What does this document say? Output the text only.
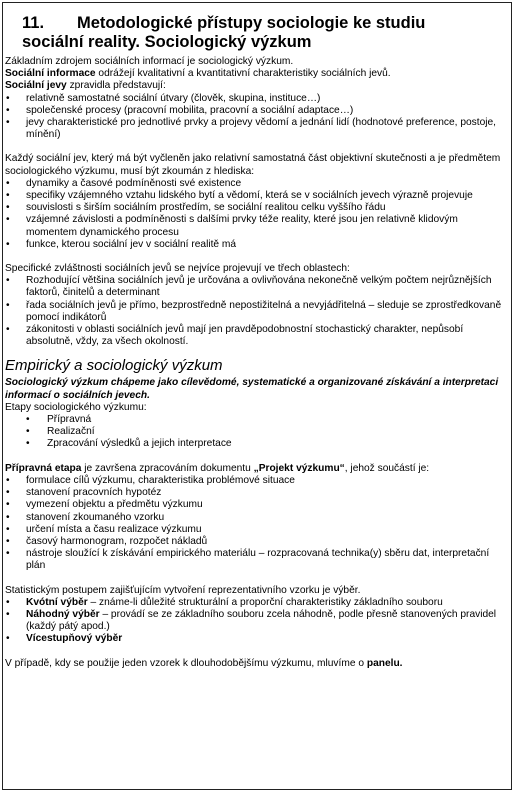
11. Metodologické přístupy sociologie ke studiu
sociální reality. Sociologický výzkum

Základním zdrojem sociálních informací je sociologický výzkum.

Sociální informace odrážejí kvalitativní a kvantitativní charakteristiky sociálních jevů.

Sociální jevy zpravidla představují:

• relativně samostatné sociální útvary (člověk, skupina, instituce…)
• společenské procesy (pracovní mobilita, pracovní a sociální adaptace…)
• jevy charakteristické pro jednotlivé prvky a projevy vědomí a jednání lidí (hodnotové preference, postoje, mínění)

Každý sociální jev, který má být vyčleněn jako relativní samostatná část objektivní skutečnosti a je předmětem sociologického výzkumu, musí být zkoumán z hlediska:

• dynamiky a časové podmíněnosti své existence
• specifiky vzájemného vztahu lidského bytí a vědomí, která se v sociálních jevech výrazně projevuje
• souvislosti s širším sociálním prostředím, se sociální realitou celku vyššího řádu
• vzájemné závislosti a podmíněnosti s dalšími prvky téže reality, které jsou jen relativně klidovým momentem dynamického procesu
• funkce, kterou sociální jev v sociální realitě má

Specifické zvláštnosti sociálních jevů se nejvíce projevují ve třech oblastech:

• Rozhodující většina sociálních jevů je určována a ovlivňována nekonečně velkým počtem nejrůznějších faktorů, činitelů a determinant
• řada sociálních jevů je přímo, bezprostředně nepostižitelná a nevyjádřitelná – sleduje se zprostředkovaně pomocí indikátorů
• zákonitosti v oblasti sociálních jevů mají jen pravděpodobnostní stochastický charakter, nepůsobí absolutně, vždy, za všech okolností.
Empirický a sociologický výzkum

Sociologický výzkum chápeme jako cílevědomé, systematické a organizované získávání a interpretaci informací o sociálních jevech.

Etapy sociologického výzkumu:

• Přípravná
• Realizační
• Zpracování výsledků a jejich interpretace

Přípravná etapa je završena zpracováním dokumentu „Projekt výzkumu“, jehož součástí je:

• formulace cílů výzkumu, charakteristika problémové situace
• stanovení pracovních hypotéz
• vymezení objektu a předmětu výzkumu
• stanovení zkoumaného vzorku
• určení místa a času realizace výzkumu
• časový harmonogram, rozpočet nákladů
• nástroje sloužící k získávání empirického materiálu – rozpracovaná technika(y) sběru dat, interpretační plán

Statistickým postupem zajišťujícím vytvoření reprezentativního vzorku je výběr.

• Kvótní výběr – známe-li důležité strukturální a proporční charakteristiky základního souboru
• Náhodný výběr – provádí se ze základního souboru zcela náhodně, podle přesně stanovených pravidel (každý pátý apod.)
• Vícestupňový výběr

V případě, kdy se použije jeden vzorek k dlouhodobějšímu výzkumu, mluvíme o panelu.
